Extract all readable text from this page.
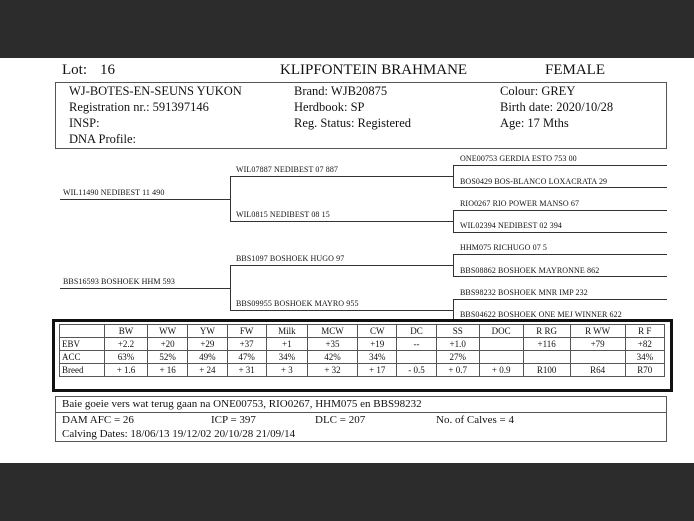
Lot: 16	KLIPFONTEIN BRAHMANE	FEMALE
WJ-BOTES-EN-SEUNS YUKON
Registration nr.: 591397146
INSP:
DNA Profile:
Brand: WJB20875
Herdbook: SP
Reg. Status: Registered
Colour: GREY
Birth date: 2020/10/28
Age: 17 Mths
WIL11490 NEDIBEST 11 490
WIL07887 NEDIBEST 07 887
WIL0815 NEDIBEST 08 15
BBS16593 BOSHOEK HHM 593
BBS1097 BOSHOEK HUGO 97
BBS09955 BOSHOEK MAYRO 955
ONE00753 GERDIA ESTO 753 00
BOS0429 BOS-BLANCO LOXACRATA 29
RIO0267 RIO POWER MANSO 67
WIL02394 NEDIBEST 02 394
HHM075 RICHUGO 07 5
BBS08862 BOSHOEK MAYRONNE 862
BBS98232 BOSHOEK MNR IMP 232
BBS04622 BOSHOEK ONE MEJ WINNER 622
	BW	WW	YW	FW	Milk	MCW	CW	DC	SS	DOC	R RG	R WW	R F
EBV	+2.2	+20	+29	+37	+1	+35	+19	--	+1.0		+116	+79	+82
ACC	63%	52%	49%	47%	34%	42%	34%		27%				34%
Breed	+ 1.6	+ 16	+ 24	+ 31	+ 3	+ 32	+ 17	- 0.5	+ 0.7	+ 0.9	R100	R64	R70
Baie goeie vers wat terug gaan na ONE00753, RIO0267, HHM075 en BBS98232
DAM AFC = 26	ICP = 397	DLC = 207	No. of Calves = 4
Calving Dates: 18/06/13 19/12/02 20/10/28 21/09/14
